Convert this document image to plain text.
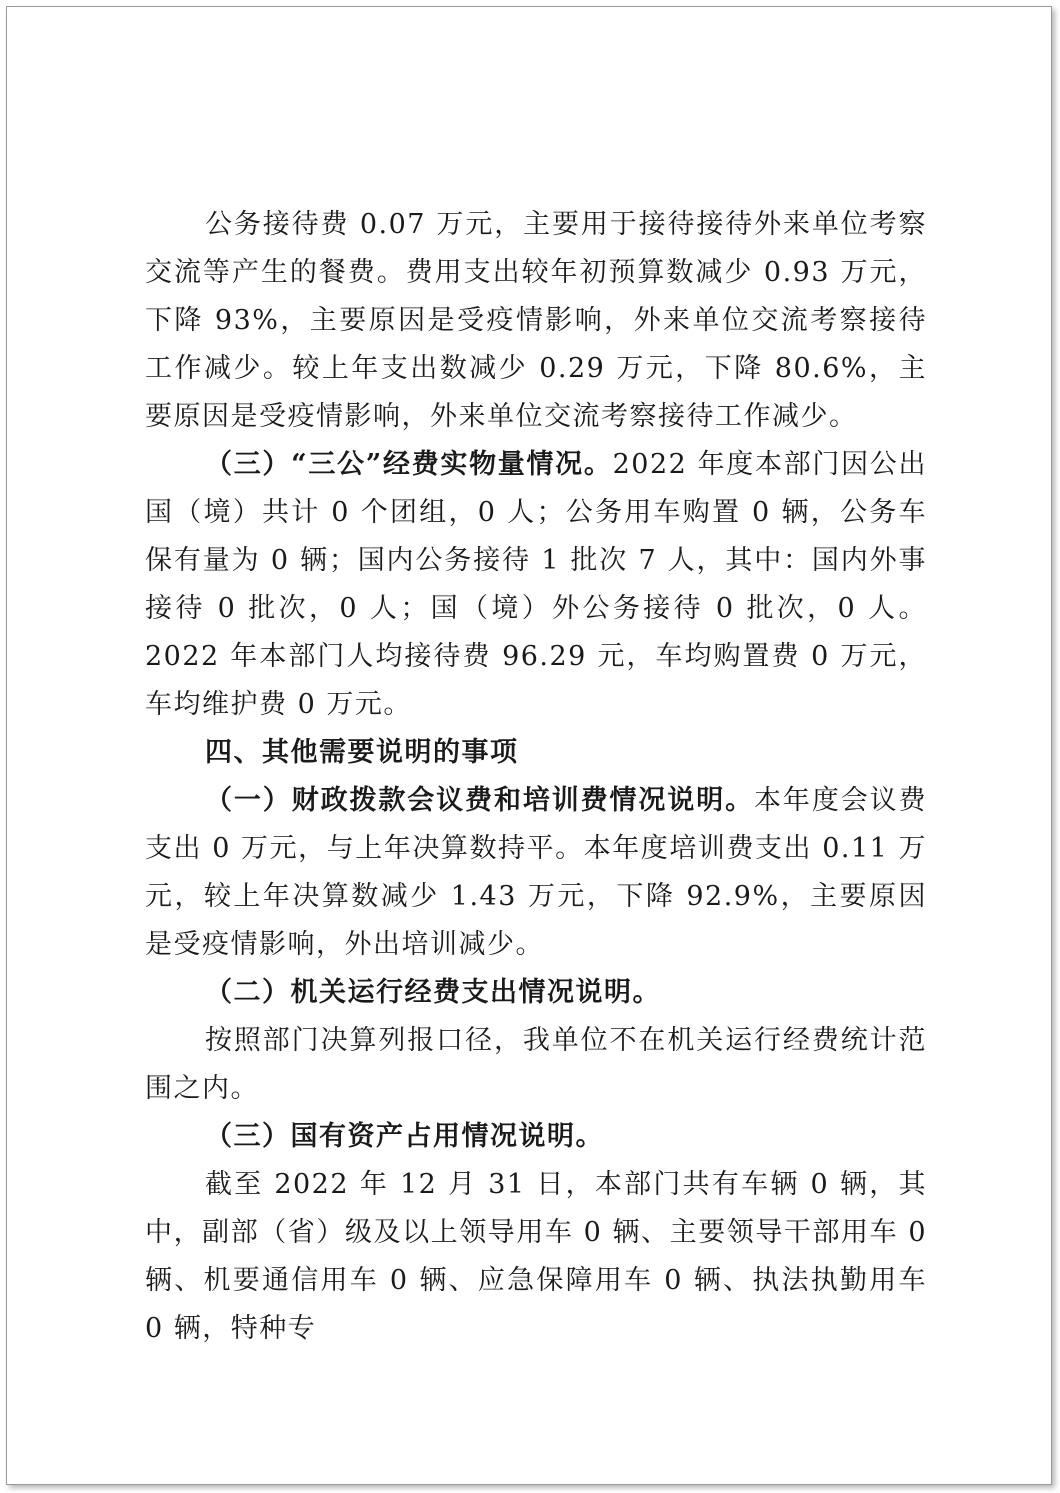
公务接待费 0.07 万元，主要用于接待接待外来单位考察交流等产生的餐费。费用支出较年初预算数减少 0.93 万元，下降 93%，主要原因是受疫情影响，外来单位交流考察接待工作减少。较上年支出数减少 0.29 万元，下降 80.6%，主要原因是受疫情影响，外来单位交流考察接待工作减少。

（三）“三公”经费实物量情况。2022 年度本部门因公出国（境）共计 0 个团组，0 人；公务用车购置 0 辆，公务车保有量为 0 辆；国内公务接待 1 批次 7 人，其中：国内外事接待 0 批次，0 人；国（境）外公务接待 0 批次，0 人。2022 年本部门人均接待费 96.29 元，车均购置费 0 万元，车均维护费 0 万元。

四、其他需要说明的事项

（一）财政拨款会议费和培训费情况说明。本年度会议费支出 0 万元，与上年决算数持平。本年度培训费支出 0.11 万元，较上年决算数减少 1.43 万元，下降 92.9%，主要原因是受疫情影响，外出培训减少。

（二）机关运行经费支出情况说明。

按照部门决算列报口径，我单位不在机关运行经费统计范围之内。

（三）国有资产占用情况说明。

截至 2022 年 12 月 31 日，本部门共有车辆 0 辆，其中，副部（省）级及以上领导用车 0 辆、主要领导干部用车 0 辆、机要通信用车 0 辆、应急保障用车 0 辆、执法执勤用车 0 辆，特种专
